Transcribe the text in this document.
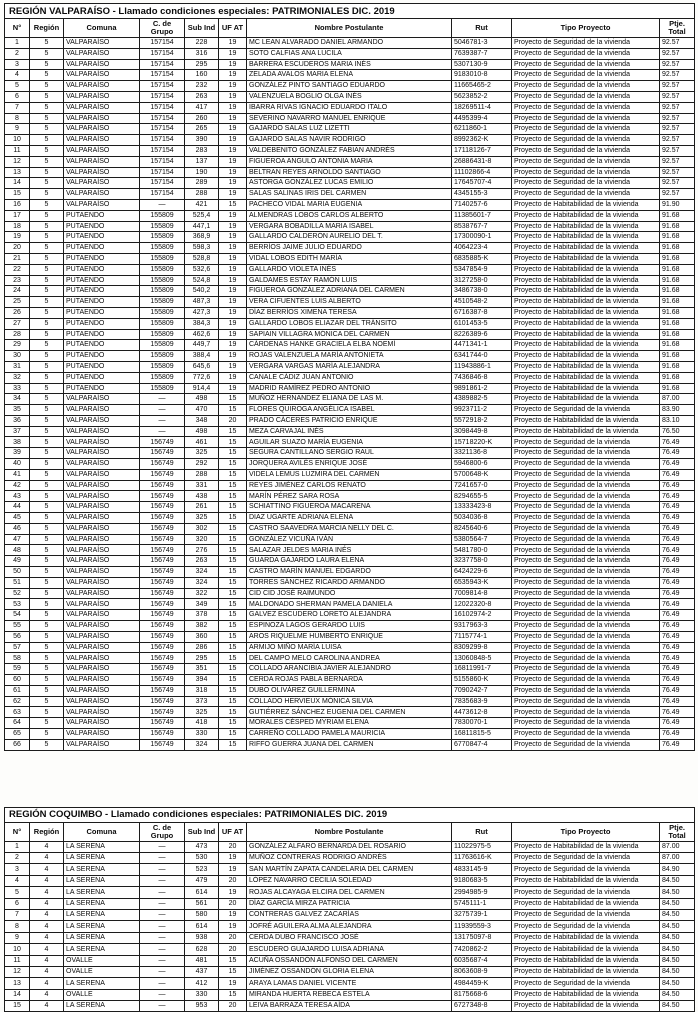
REGIÓN VALPARAÍSO - Llamado condiciones especiales: PATRIMONIALES DIC. 2019									
N°	Región	Comuna	C. de Grupo	Sub Ind	UF AT	Nombre Postulante	Rut	Tipo Proyecto	Ptje. Total
1	5	VALPARAÍSO	157154	228	19	MC LEAN ALVARADO DANIEL ARMANDO	5046781-3	Proyecto de Seguridad de la vivienda	92.57
2	5	VALPARAÍSO	157154	316	19	SOTO CALFIAS ANA LUCILA	7639387-7	Proyecto de Seguridad de la vivienda	92.57
3	5	VALPARAÍSO	157154	295	19	BARRERA ESCUDEROS MARIA INÉS	5307130-9	Proyecto de Seguridad de la vivienda	92.57
4	5	VALPARAÍSO	157154	160	19	ZELADA AVALOS MARIA ELENA	9183010-8	Proyecto de Seguridad de la vivienda	92.57
5	5	VALPARAÍSO	157154	232	19	GONZÁLEZ PINTO SANTIAGO EDUARDO	11665465-2	Proyecto de Seguridad de la vivienda	92.57
6	5	VALPARAÍSO	157154	263	19	VALENZUELA BOGLIO OLGA INÉS	5623852-2	Proyecto de Seguridad de la vivienda	92.57
7	5	VALPARAÍSO	157154	417	19	IBARRA RIVAS IGNACIO EDUARDO ITALO	18269511-4	Proyecto de Seguridad de la vivienda	92.57
8	5	VALPARAÍSO	157154	260	19	SEVERINO NAVARRO MANUEL ENRIQUE	4495399-4	Proyecto de Seguridad de la vivienda	92.57
9	5	VALPARAÍSO	157154	265	19	GAJARDO SALAS LUZ LIZETTI	6211860-1	Proyecto de Seguridad de la vivienda	92.57
10	5	VALPARAÍSO	157154	390	19	GAJARDO SALAS NAVIR RODRIGO	8992362-K	Proyecto de Seguridad de la vivienda	92.57
11	5	VALPARAÍSO	157154	283	19	VALDEBENITO GONZÁLEZ FABIAN ANDRÉS	17118126-7	Proyecto de Seguridad de la vivienda	92.57
12	5	VALPARAÍSO	157154	137	19	FIGUEROA ANGULO ANTONIA MARIA	26886431-8	Proyecto de Seguridad de la vivienda	92.57
13	5	VALPARAÍSO	157154	190	19	BELTRAN REYES ARNOLDO SANTIAGO	11102866-4	Proyecto de Seguridad de la vivienda	92.57
14	5	VALPARAÍSO	157154	289	19	ASTORGA GONZÁLEZ LUCAS EMILIO	17645707-4	Proyecto de Seguridad de la vivienda	92.57
15	5	VALPARAÍSO	157154	288	19	SALAS SALINAS IRIS DEL CARMEN	4345155-3	Proyecto de Seguridad de la vivienda	92.57
16	5	VALPARAÍSO	—	421	15	PACHECO VIDAL MARIA EUGENIA	7140257-6	Proyecto de Habitabilidad de la vivienda	91.90
17	5	PUTAENDO	155809	525,4	19	ALMENDRAS LOBOS CARLOS ALBERTO	11385601-7	Proyecto de Habitabilidad de la vivienda	91.68
18	5	PUTAENDO	155809	447,1	19	VERGARA BOBADILLA MARIA ISABEL	8538767-7	Proyecto de Habitabilidad de la vivienda	91.68
19	5	PUTAENDO	155809	368,9	19	GALLARDO CALDERÓN AURELIO DEL T.	17300090-1	Proyecto de Habitabilidad de la vivienda	91.68
20	5	PUTAENDO	155809	598,3	19	BERRÍOS JAIME JULIO EDUARDO	4064223-4	Proyecto de Habitabilidad de la vivienda	91.68
21	5	PUTAENDO	155809	528,8	19	VIDAL LOBOS EDITH MARÍA	6835885-K	Proyecto de Habitabilidad de la vivienda	91.68
22	5	PUTAENDO	155809	532,6	19	GALLARDO VIOLETA INÉS	5347854-9	Proyecto de Habitabilidad de la vivienda	91.68
23	5	PUTAENDO	155809	524,8	19	GALDAMES ESTAY RAMÓN LUIS	3127258-0	Proyecto de Habitabilidad de la vivienda	91.68
24	5	PUTAENDO	155809	540,2	19	FIGUEROA GONZÁLEZ ADRIANA DEL CARMEN	3486738-0	Proyecto de Habitabilidad de la vivienda	91.68
25	5	PUTAENDO	155809	487,3	19	VERA CIFUENTES LUIS ALBERTO	4510548-2	Proyecto de Habitabilidad de la vivienda	91.68
26	5	PUTAENDO	155809	427,3	19	DÍAZ BERRÍOS XIMENA TERESA	6716387-8	Proyecto de Habitabilidad de la vivienda	91.68
27	5	PUTAENDO	155809	384,3	19	GALLARDO LOBOS ELIAZAR DEL TRÁNSITO	6101453-5	Proyecto de Habitabilidad de la vivienda	91.68
28	5	PUTAENDO	155809	462,6	19	SAPIAIN VILLAGRA MÓNICA DEL CARMEN	8226389-6	Proyecto de Habitabilidad de la vivienda	91.68
29	5	PUTAENDO	155809	449,7	19	CÁRDENAS HANKE GRACIELA ELBA NOEMÍ	4471341-1	Proyecto de Habitabilidad de la vivienda	91.68
30	5	PUTAENDO	155809	388,4	19	ROJAS VALENZUELA MARÍA ANTONIETA	6341744-0	Proyecto de Habitabilidad de la vivienda	91.68
31	5	PUTAENDO	155809	645,6	19	VERGARA VARGAS MARÍA ALEJANDRA	11943886-1	Proyecto de Habitabilidad de la vivienda	91.68
32	5	PUTAENDO	155809	772,6	19	CANALE CÁDIZ JUAN ANTONIO	7436846-8	Proyecto de Habitabilidad de la vivienda	91.68
33	5	PUTAENDO	155809	914,4	19	MADRID RAMÍREZ PEDRO ANTONIO	9891861-2	Proyecto de Habitabilidad de la vivienda	91.68
34	5	VALPARAÍSO	—	498	15	MUÑOZ HERNANDEZ ELIANA DE LAS M.	4389882-5	Proyecto de Habitabilidad de la vivienda	87.00
35	5	VALPARAÍSO	—	470	15	FLORES QUIROGA ANGÉLICA ISABEL	9923711-2	Proyecto de Seguridad de la vivienda	83.90
36	5	VALPARAÍSO	—	348	20	PRADO CÁCERES PATRICIO ENRIQUE	5572918-2	Proyecto de Habitabilidad de la vivienda	83.10
37	5	VALPARAÍSO	—	498	15	MEZA CARVAJAL INÉS	3098449-8	Proyecto de Habitabilidad de la vivienda	76.50
38	5	VALPARAÍSO	156749	461	15	AGUILAR SUAZO MARÍA EUGENIA	15718220-K	Proyecto de Seguridad de la vivienda	76.49
39	5	VALPARAÍSO	156749	325	15	SEGURA CANTILLANO SERGIO RAÚL	3321136-8	Proyecto de Seguridad de la vivienda	76.49
40	5	VALPARAÍSO	156749	292	15	JORQUERA AVILÉS ENRIQUE JOSÉ	5946800-6	Proyecto de Seguridad de la vivienda	76.49
41	5	VALPARAÍSO	156749	288	15	VIDELA LEMUS LUZMIRA DEL CARMEN	5700648-K	Proyecto de Seguridad de la vivienda	76.49
42	5	VALPARAÍSO	156749	331	15	REYES JIMÉNEZ CARLOS RENATO	7241657-0	Proyecto de Seguridad de la vivienda	76.49
43	5	VALPARAÍSO	156749	438	15	MARÍN PÉREZ SARA ROSA	8294655-5	Proyecto de Seguridad de la vivienda	76.49
44	5	VALPARAÍSO	156749	261	15	SCHIATTINO FIGUEROA MACARENA	13333423-8	Proyecto de Seguridad de la vivienda	76.49
45	5	VALPARAÍSO	156749	325	15	DIAZ UGARTE ADRIANA ELENA	5034036-8	Proyecto de Seguridad de la vivienda	76.49
46	5	VALPARAÍSO	156749	302	15	CASTRO SAAVEDRA MARCIA NELLY DEL C.	8245640-6	Proyecto de Seguridad de la vivienda	76.49
47	5	VALPARAÍSO	156749	320	15	GONZÁLEZ VICUÑA IVÁN	5380564-7	Proyecto de Seguridad de la vivienda	76.49
48	5	VALPARAÍSO	156749	276	15	SALAZAR JELDES MARIA INÉS	5481780-0	Proyecto de Seguridad de la vivienda	76.49
49	5	VALPARAÍSO	156749	263	15	GUARDA GAJARDO LAURA ELENA	3237758-0	Proyecto de Seguridad de la vivienda	76.49
50	5	VALPARAÍSO	156749	324	15	CASTRO MARÍN MANUEL EDGARDO	6424229-6	Proyecto de Seguridad de la vivienda	76.49
51	5	VALPARAÍSO	156749	324	15	TORRES SÁNCHEZ RICARDO ARMANDO	6535943-K	Proyecto de Seguridad de la vivienda	76.49
52	5	VALPARAÍSO	156749	322	15	CID CID JOSÉ RAIMUNDO	7009814-8	Proyecto de Seguridad de la vivienda	76.49
53	5	VALPARAÍSO	156749	349	15	MALDONADO SHERMAN PAMELA DANIELA	12022320-8	Proyecto de Seguridad de la vivienda	76.49
54	5	VALPARAÍSO	156749	378	15	GALVEZ ESCUDERO LORETO ALEJANDRA	16102974-2	Proyecto de Seguridad de la vivienda	76.49
55	5	VALPARAÍSO	156749	382	15	ESPINOZA LAGOS GERARDO LUIS	9317963-3	Proyecto de Seguridad de la vivienda	76.49
56	5	VALPARAÍSO	156749	360	15	AROS RIQUELME HUMBERTO ENRIQUE	7115774-1	Proyecto de Seguridad de la vivienda	76.49
57	5	VALPARAÍSO	156749	286	15	ARMIJO MIÑO MARÍA LUISA	8309299-8	Proyecto de Seguridad de la vivienda	76.49
58	5	VALPARAÍSO	156749	295	15	DEL CAMPO MELO CAROLINA ANDREA	13060848-5	Proyecto de Seguridad de la vivienda	76.49
59	5	VALPARAÍSO	156749	351	15	COLLADO ARANCIBIA JAVIER ALEJANDRO	16811991-7	Proyecto de Seguridad de la vivienda	76.49
60	5	VALPARAÍSO	156749	394	15	CERDA ROJAS PABLA BERNARDA	5155860-K	Proyecto de Seguridad de la vivienda	76.49
61	5	VALPARAÍSO	156749	318	15	DUBO OLIVÁREZ GUILLERMINA	7090242-7	Proyecto de Seguridad de la vivienda	76.49
62	5	VALPARAÍSO	156749	373	15	COLLADO HERVIEUX MÓNICA SILVIA	7835683-9	Proyecto de Seguridad de la vivienda	76.49
63	5	VALPARAÍSO	156749	325	15	GUTIÉRREZ SÁNCHEZ EUGENIA DEL CARMEN	4473612-8	Proyecto de Seguridad de la vivienda	76.49
64	5	VALPARAÍSO	156749	418	15	MORALES CÉSPED MYRIAM ELENA	7830070-1	Proyecto de Seguridad de la vivienda	76.49
65	5	VALPARAÍSO	156749	330	15	CARREÑO COLLADO PAMELA MAURICIA	16811815-5	Proyecto de Seguridad de la vivienda	76.49
66	5	VALPARAÍSO	156749	324	15	RIFFO GUERRA JUANA DEL CARMEN	6770847-4	Proyecto de Seguridad de la vivienda	76.49
REGIÓN COQUIMBO - Llamado condiciones especiales: PATRIMONIALES DIC. 2019									
N°	Región	Comuna	C. de Grupo	Sub Ind	UF AT	Nombre Postulante	Rut	Tipo Proyecto	Ptje. Total
1	4	LA SERENA	—	473	20	GONZÁLEZ ALFARO BERNARDA DEL ROSARIO	11022975-5	Proyecto de Habitabilidad de la vivienda	87.00
2	4	LA SERENA	—	530	19	MUÑOZ CONTRERAS RODRIGO ANDRÉS	11763616-K	Proyecto de Seguridad de la vivienda	87.00
3	4	LA SERENA	—	523	19	SAN MARTÍN ZAPATA CANDELARIA DEL CARMEN	4833145-9	Proyecto de Seguridad de la vivienda	84.90
4	4	LA SERENA	—	479	20	LÓPEZ NAVARRO CECILIA SOLEDAD	9180683-5	Proyecto de Habitabilidad de la vivienda	84.50
5	4	LA SERENA	—	614	19	ROJAS ALCAYAGA ELCIRA DEL CARMEN	2994985-9	Proyecto de Seguridad de la vivienda	84.50
6	4	LA SERENA	—	561	20	DÍAZ GARCÍA MIRZA PATRICIA	5745111-1	Proyecto de Habitabilidad de la vivienda	84.50
7	4	LA SERENA	—	580	19	CONTRERAS GALVEZ ZACARÍAS	3275739-1	Proyecto de Seguridad de la vivienda	84.50
8	4	LA SERENA	—	614	19	JOFRÉ AGUILERA ALMA ALEJANDRA	11939559-3	Proyecto de Seguridad de la vivienda	84.50
9	4	LA SERENA	—	938	20	CERDA DUBO FRANCISCO JOSÉ	13175097-8	Proyecto de Habitabilidad de la vivienda	84.50
10	4	LA SERENA	—	628	20	ESCUDERO GUAJARDO LUISA ADRIANA	7420862-2	Proyecto de Habitabilidad de la vivienda	84.50
11	4	OVALLE	—	481	15	ACUÑA OSSANDÓN ALFONSO DEL CARMEN	6035687-4	Proyecto de Habitabilidad de la vivienda	84.50
12	4	OVALLE	—	437	15	JIMÉNEZ OSSANDÓN GLORIA ELENA	8063608-9	Proyecto de Habitabilidad de la vivienda	84.50
13	4	LA SERENA	—	412	19	ARAYA LAMAS DANIEL VICENTE	4984459-K	Proyecto de Seguridad de la vivienda	84.50
14	4	OVALLE	—	330	15	MIRANDA HUERTA REBECA ESTELA	8175668-6	Proyecto de Habitabilidad de la vivienda	84.50
15	4	LA SERENA	—	953	20	LEIVA BARRAZA TERESA AÍDA	6727348-8	Proyecto de Habitabilidad de la vivienda	84.50
